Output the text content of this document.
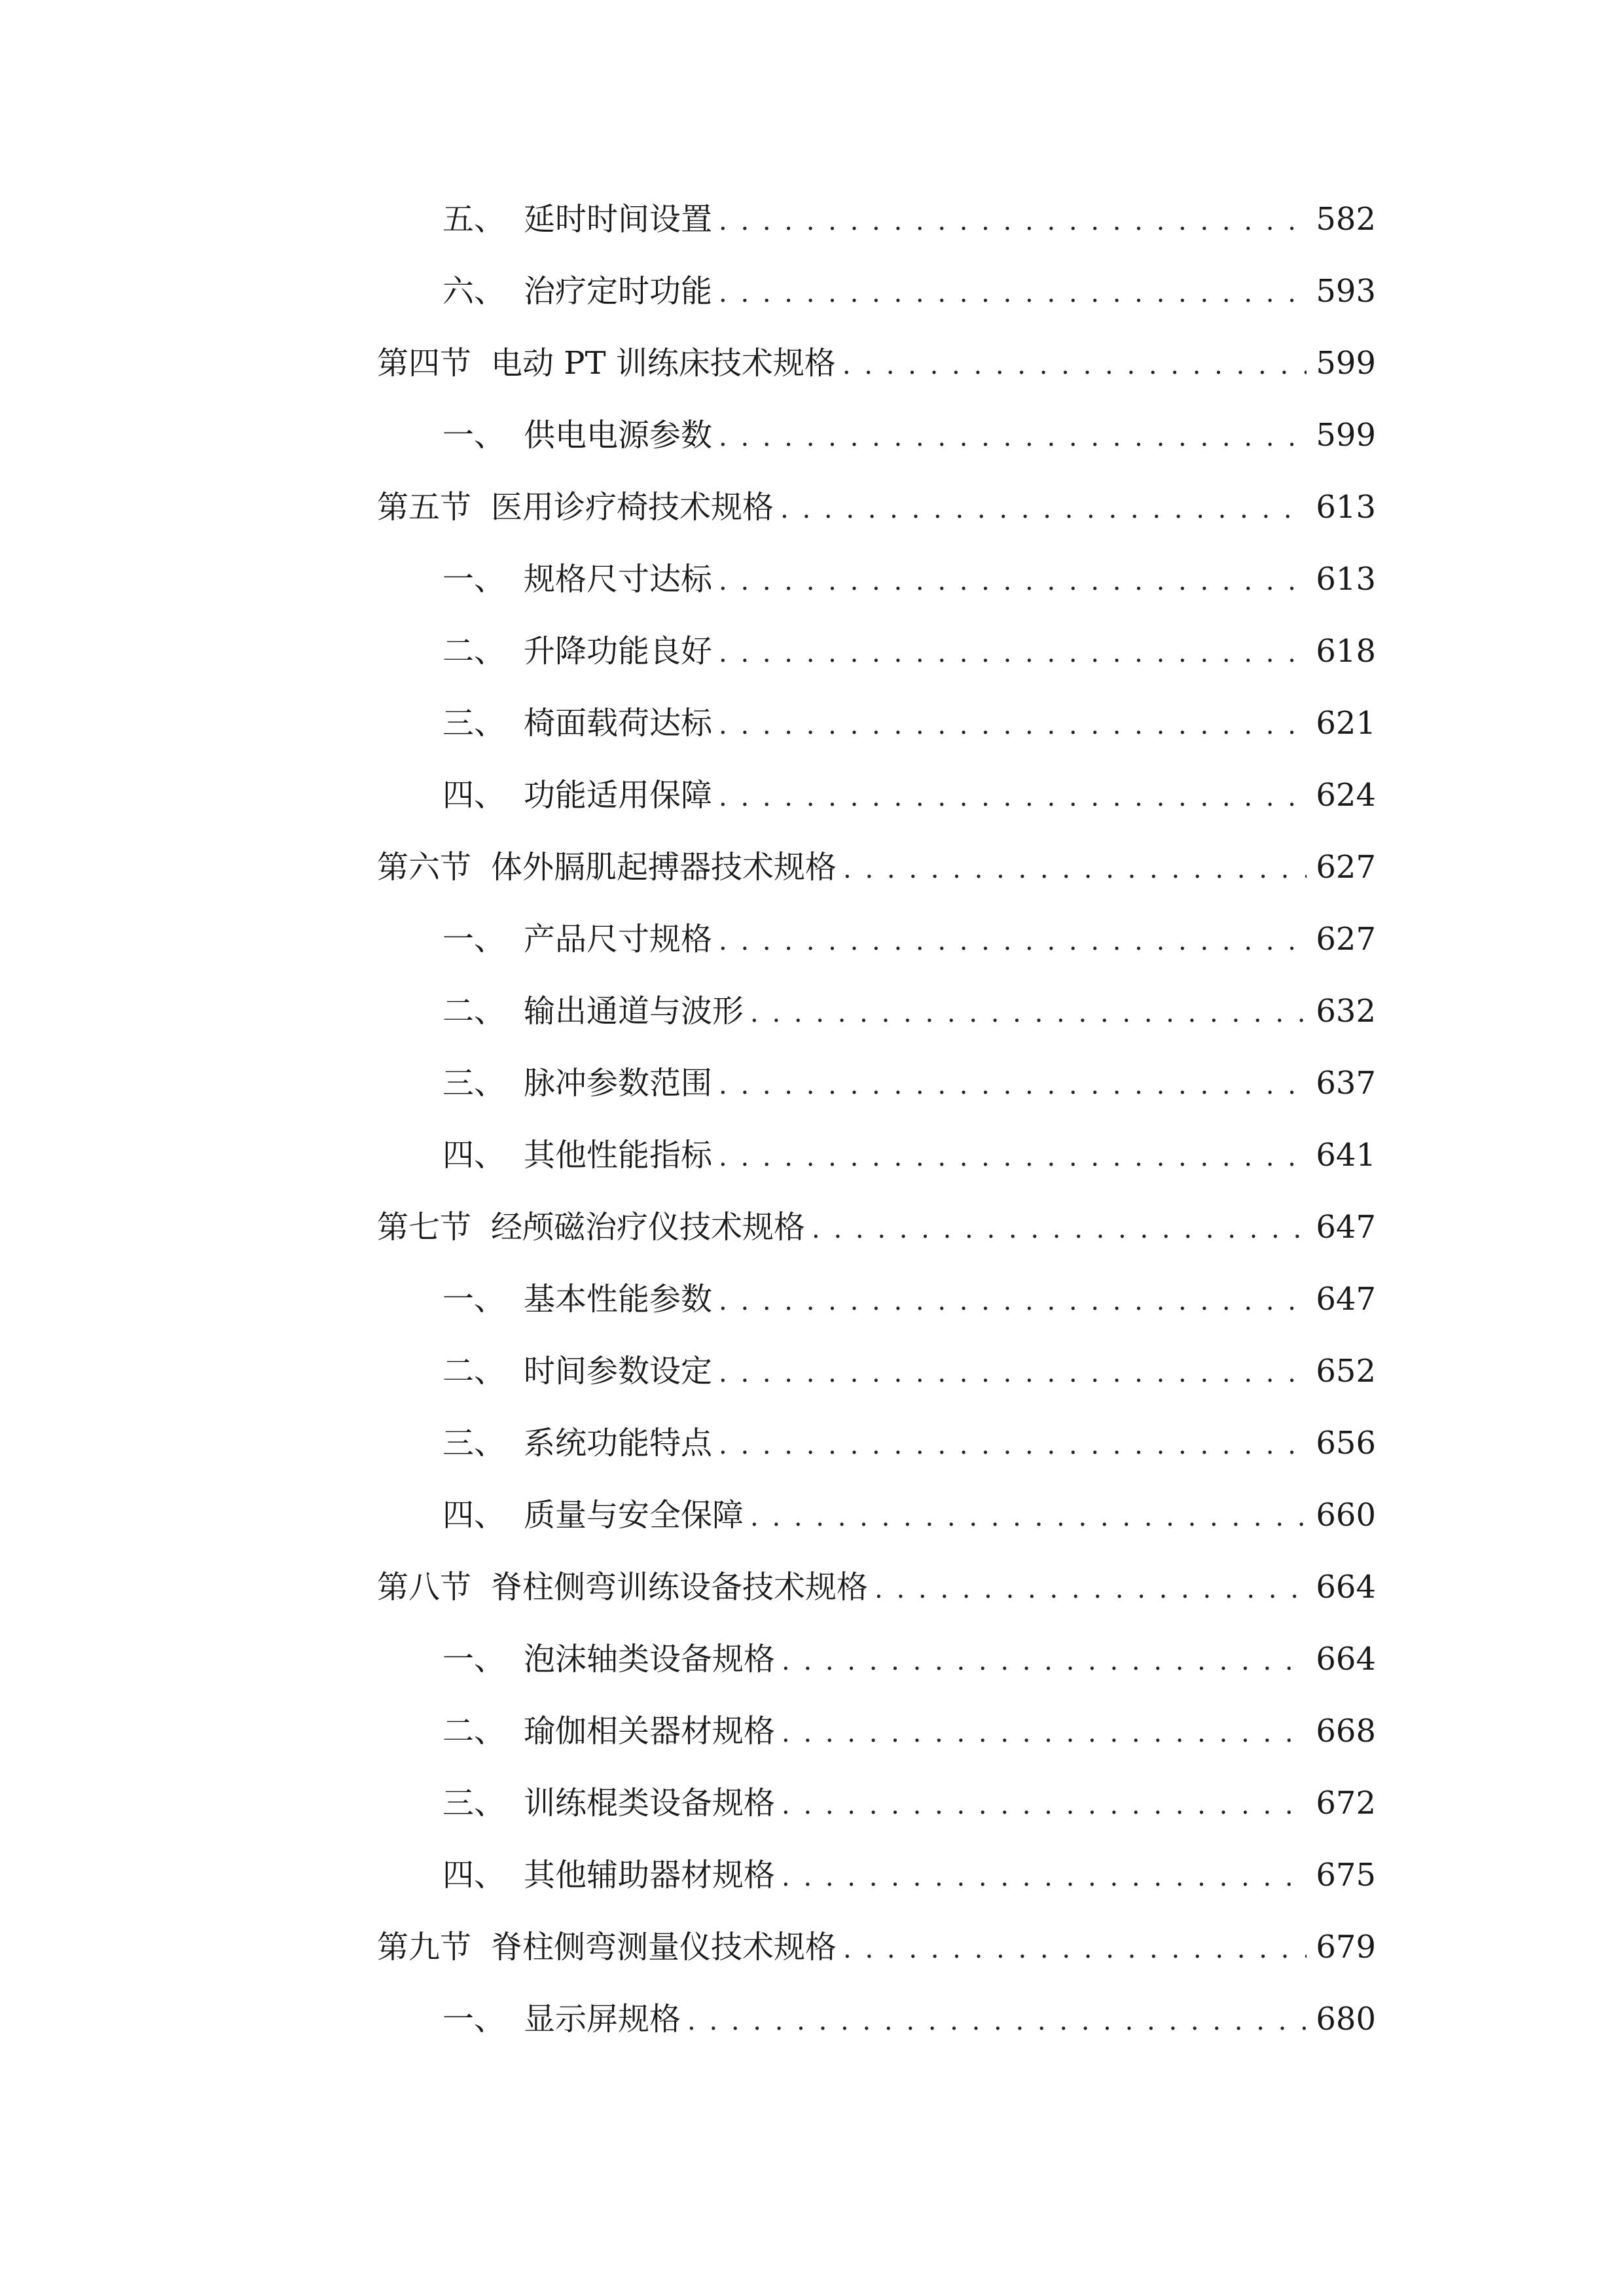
五、 延时时间设置 . . .	582
六、 治疗定时功能 . . .	593
第四节 电动 PT 训练床技术规格 . . .	599
一、 供电电源参数 . . .	599
第五节 医用诊疗椅技术规格 . . .	613
一、 规格尺寸达标 . . .	613
二、 升降功能良好 . . .	618
三、 椅面载荷达标 . . .	621
四、 功能适用保障 . . .	624
第六节 体外膈肌起搏器技术规格 . . .	627
一、 产品尺寸规格 . . .	627
二、 输出通道与波形 . . .	632
三、 脉冲参数范围 . . .	637
四、 其他性能指标 . . .	641
第七节 经颅磁治疗仪技术规格 . . .	647
一、 基本性能参数 . . .	647
二、 时间参数设定 . . .	652
三、 系统功能特点 . . .	656
四、 质量与安全保障 . . .	660
第八节 脊柱侧弯训练设备技术规格 . . .	664
一、 泡沫轴类设备规格 . . .	664
二、 瑜伽相关器材规格 . . .	668
三、 训练棍类设备规格 . . .	672
四、 其他辅助器材规格 . . .	675
第九节 脊柱侧弯测量仪技术规格 . . .	679
一、 显示屏规格 . . .	680
